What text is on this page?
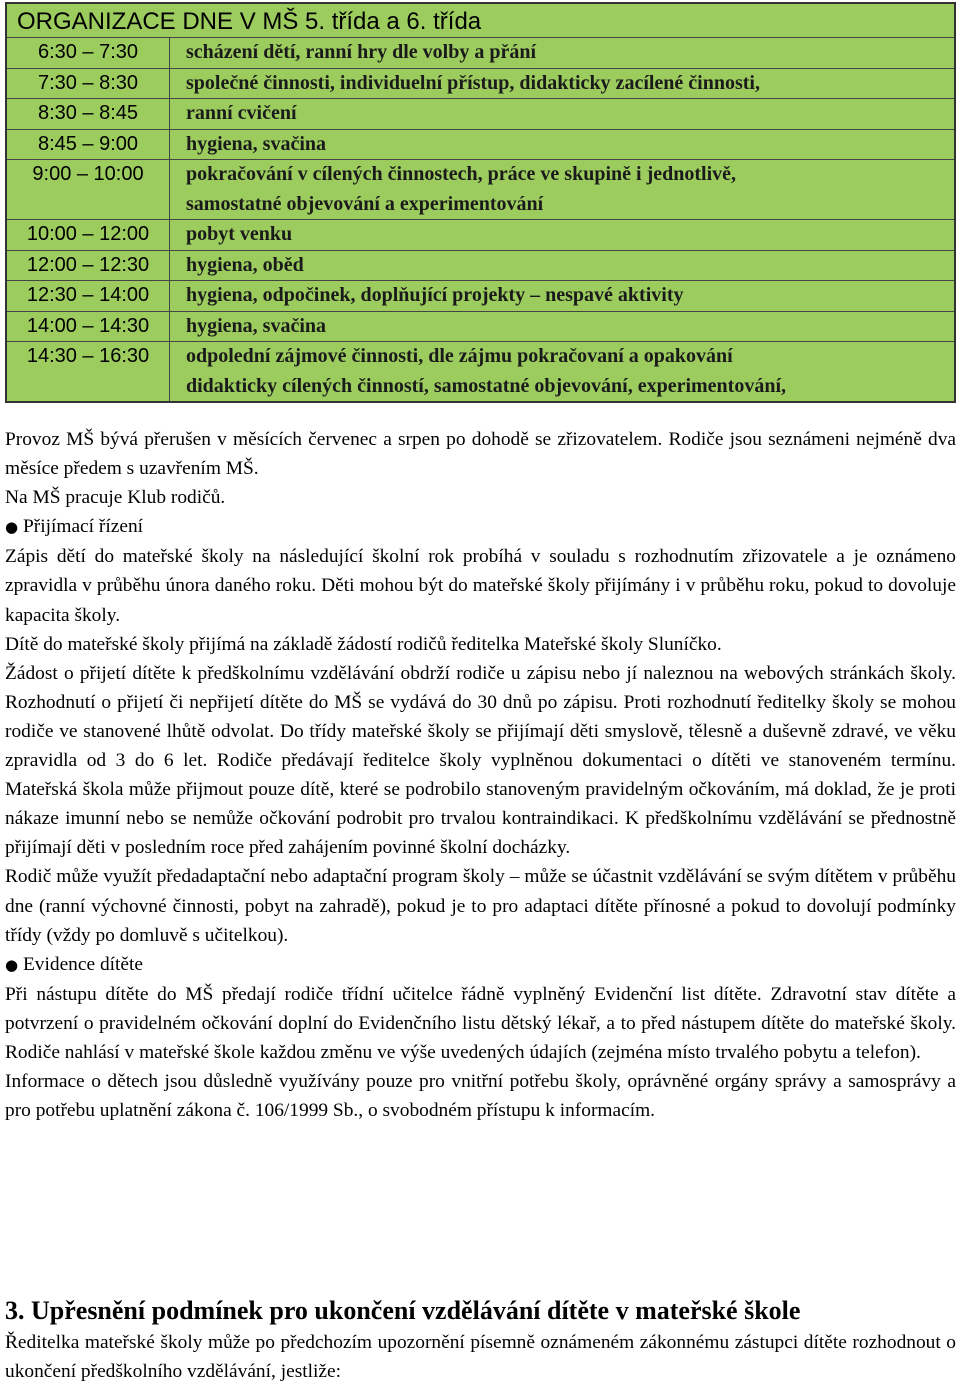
ORGANIZACE DNE V MŠ 5. třída a 6. třída
6:30 – 7:30	scházení dětí, ranní hry dle volby a přání
7:30 – 8:30	společné činnosti, individuelní přístup, didakticky zacílené činnosti,
8:30 – 8:45	ranní cvičení
8:45 – 9:00	hygiena, svačina
9:00 – 10:00	pokračování v cílených činnostech, práce ve skupině i jednotlivě,
samostatné objevování a experimentování
10:00 – 12:00	pobyt venku
12:00 – 12:30	hygiena, oběd
12:30 – 14:00	hygiena, odpočinek, doplňující projekty – nespavé aktivity
14:00 – 14:30	hygiena, svačina
14:30 – 16:30	odpolední zájmové činnosti, dle zájmu pokračovaní a opakování
didakticky cílených činností, samostatné objevování, experimentování,

Provoz MŠ bývá přerušen v měsících červenec a srpen po dohodě se zřizovatelem. Rodiče jsou seznámeni nejméně dva měsíce předem s uzavřením MŠ.

Na MŠ pracuje Klub rodičů.

● Přijímací řízení

Zápis dětí do mateřské školy na následující školní rok probíhá v souladu s rozhodnutím zřizovatele a je oznámeno zpravidla v průběhu února daného roku. Děti mohou být do mateřské školy přijímány i v průběhu roku, pokud to dovoluje kapacita školy.

Dítě do mateřské školy přijímá na základě žádostí rodičů ředitelka Mateřské školy Sluníčko.

Žádost o přijetí dítěte k předškolnímu vzdělávání obdrží rodiče u zápisu nebo jí naleznou na webových stránkách školy. Rozhodnutí o přijetí či nepřijetí dítěte do MŠ se vydává do 30 dnů po zápisu. Proti rozhodnutí ředitelky školy se mohou rodiče ve stanovené lhůtě odvolat. Do třídy mateřské školy se přijímají děti smyslově, tělesně a duševně zdravé, ve věku zpravidla od 3 do 6 let. Rodiče předávají ředitelce školy vyplněnou dokumentaci o dítěti ve stanoveném termínu. Mateřská škola může přijmout pouze dítě, které se podrobilo stanoveným pravidelným očkováním, má doklad, že je proti nákaze imunní nebo se nemůže očkování podrobit pro trvalou kontraindikaci. K předškolnímu vzdělávání se přednostně přijímají děti v posledním roce před zahájením povinné školní docházky.

Rodič může využít předadaptační nebo adaptační program školy – může se účastnit vzdělávání se svým dítětem v průběhu dne (ranní výchovné činnosti, pobyt na zahradě), pokud je to pro adaptaci dítěte přínosné a pokud to dovolují podmínky třídy (vždy po domluvě s učitelkou).

● Evidence dítěte

Při nástupu dítěte do MŠ předají rodiče třídní učitelce řádně vyplněný Evidenční list dítěte. Zdravotní stav dítěte a potvrzení o pravidelném očkování doplní do Evidenčního listu dětský lékař, a to před nástupem dítěte do mateřské školy. Rodiče nahlásí v mateřské škole každou změnu ve výše uvedených údajích (zejména místo trvalého pobytu a telefon).

Informace o dětech jsou důsledně využívány pouze pro vnitřní potřebu školy, oprávněné orgány správy a samosprávy a pro potřebu uplatnění zákona č. 106/1999 Sb., o svobodném přístupu k informacím.

3. Upřesnění podmínek pro ukončení vzdělávání dítěte v mateřské škole

Ředitelka mateřské školy může po předchozím upozornění písemně oznámeném zákonnému zástupci dítěte rozhodnout o ukončení předškolního vzdělávání, jestliže:
